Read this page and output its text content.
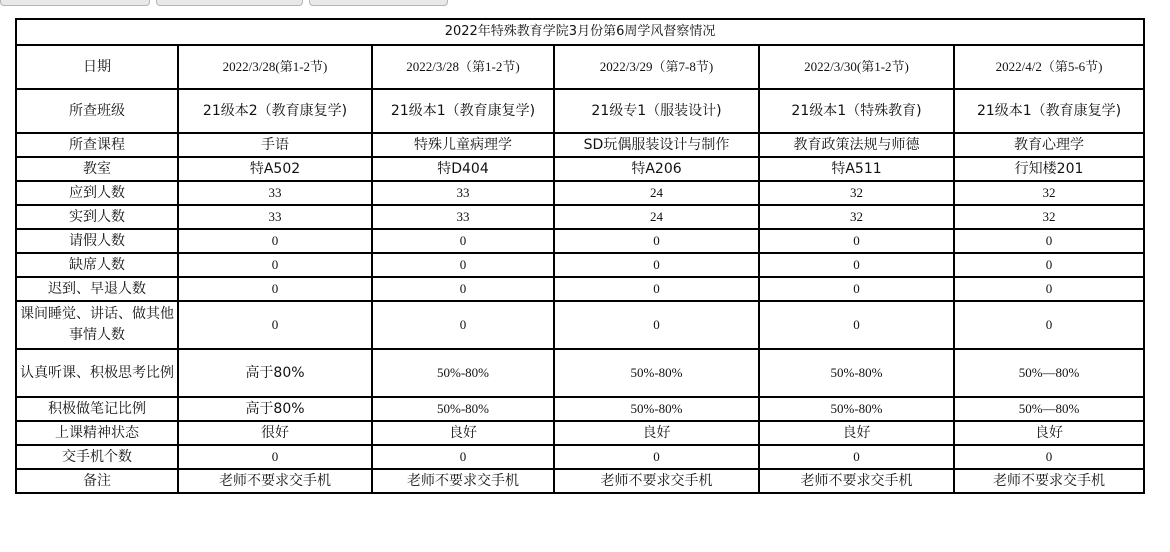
2022年特殊教育学院3月份第6周学风督察情况					
日期	2022/3/28(第1-2节)	2022/3/28（第1-2节)	2022/3/29（第7-8节)	2022/3/30(第1-2节)	2022/4/2（第5-6节)
所查班级	21级本2（教育康复学)	21级本1（教育康复学)	21级专1（服装设计)	21级本1（特殊教育)	21级本1（教育康复学)
所查课程	手语	特殊儿童病理学	SD玩偶服装设计与制作	教育政策法规与师德	教育心理学
教室	特A502	特D404	特A206	特A511	行知楼201
应到人数	33	33	24	32	32
实到人数	33	33	24	32	32
请假人数	0	0	0	0	0
缺席人数	0	0	0	0	0
迟到、早退人数	0	0	0	0	0
课间睡觉、讲话、做其他事情人数	0	0	0	0	0
认真听课、积极思考比例	高于80%	50%-80%	50%-80%	50%-80%	50%—80%
积极做笔记比例	高于80%	50%-80%	50%-80%	50%-80%	50%—80%
上课精神状态	很好	良好	良好	良好	良好
交手机个数	0	0	0	0	0
备注	老师不要求交手机	老师不要求交手机	老师不要求交手机	老师不要求交手机	老师不要求交手机
